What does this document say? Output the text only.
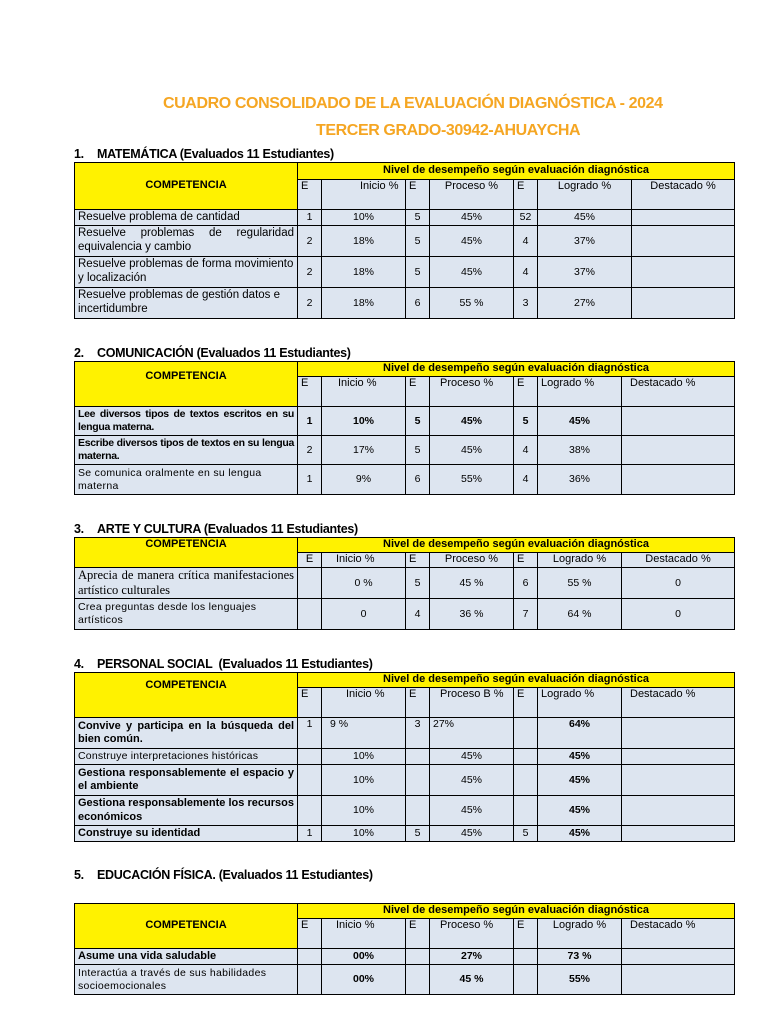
CUADRO CONSOLIDADO DE LA EVALUACIÓN DIAGNÓSTICA - 2024
TERCER GRADO-30942-AHUAYCHA
1. MATEMÁTICA (Evaluados 11 Estudiantes)
COMPETENCIA	Nivel de desempeño según evaluación diagnóstica						
	E	Inicio %	E	Proceso %	E	Logrado %	Destacado %
Resuelve problema de cantidad	1	10%	5	45%	52	45%	
Resuelve problemas de regularidad equivalencia y cambio	2	18%	5	45%	4	37%	
Resuelve problemas de forma movimiento y localización	2	18%	5	45%	4	37%	
Resuelve problemas de gestión datos e incertidumbre	2	18%	6	55 %	3	27%	
2. COMUNICACIÓN (Evaluados 11 Estudiantes)
COMPETENCIA	Nivel de desempeño según evaluación diagnóstica						
	E	Inicio %	E	Proceso %	E	Logrado %	Destacado %
Lee diversos tipos de textos escritos en su lengua materna.	1	10%	5	45%	5	45%	
Escribe diversos tipos de textos en su lengua materna.	2	17%	5	45%	4	38%	
Se comunica oralmente en su lengua materna	1	9%	6	55%	4	36%	
3. ARTE Y CULTURA (Evaluados 11 Estudiantes)
COMPETENCIA	Nivel de desempeño según evaluación diagnóstica						
	E	Inicio %	E	Proceso %	E	Logrado %	Destacado %
Aprecia de manera crítica manifestaciones artístico culturales		0 %	5	45 %	6	55 %	0
Crea preguntas desde los lenguajes artísticos		0	4	36 %	7	64 %	0
4. PERSONAL SOCIAL  (Evaluados 11 Estudiantes)
COMPETENCIA	Nivel de desempeño según evaluación diagnóstica						
	E	Inicio %	E	Proceso B %	E	Logrado %	Destacado %
Convive y participa en la búsqueda del bien común.	1	9 %	3	27%		64%	
Construye interpretaciones históricas		10%		45%		45%	
Gestiona responsablemente el espacio y el ambiente		10%		45%		45%	
Gestiona responsablemente los recursos económicos		10%		45%		45%	
Construye su identidad	1	10%	5	45%	5	45%	
5. EDUCACIÓN FÍSICA. (Evaluados 11 Estudiantes)
COMPETENCIA	Nivel de desempeño según evaluación diagnóstica						
	E	Inicio %	E	Proceso %	E	Logrado %	Destacado %
Asume una vida saludable		00%		27%		73 %	
Interactúa a través de sus habilidades socioemocionales		00%		45 %		55%	
